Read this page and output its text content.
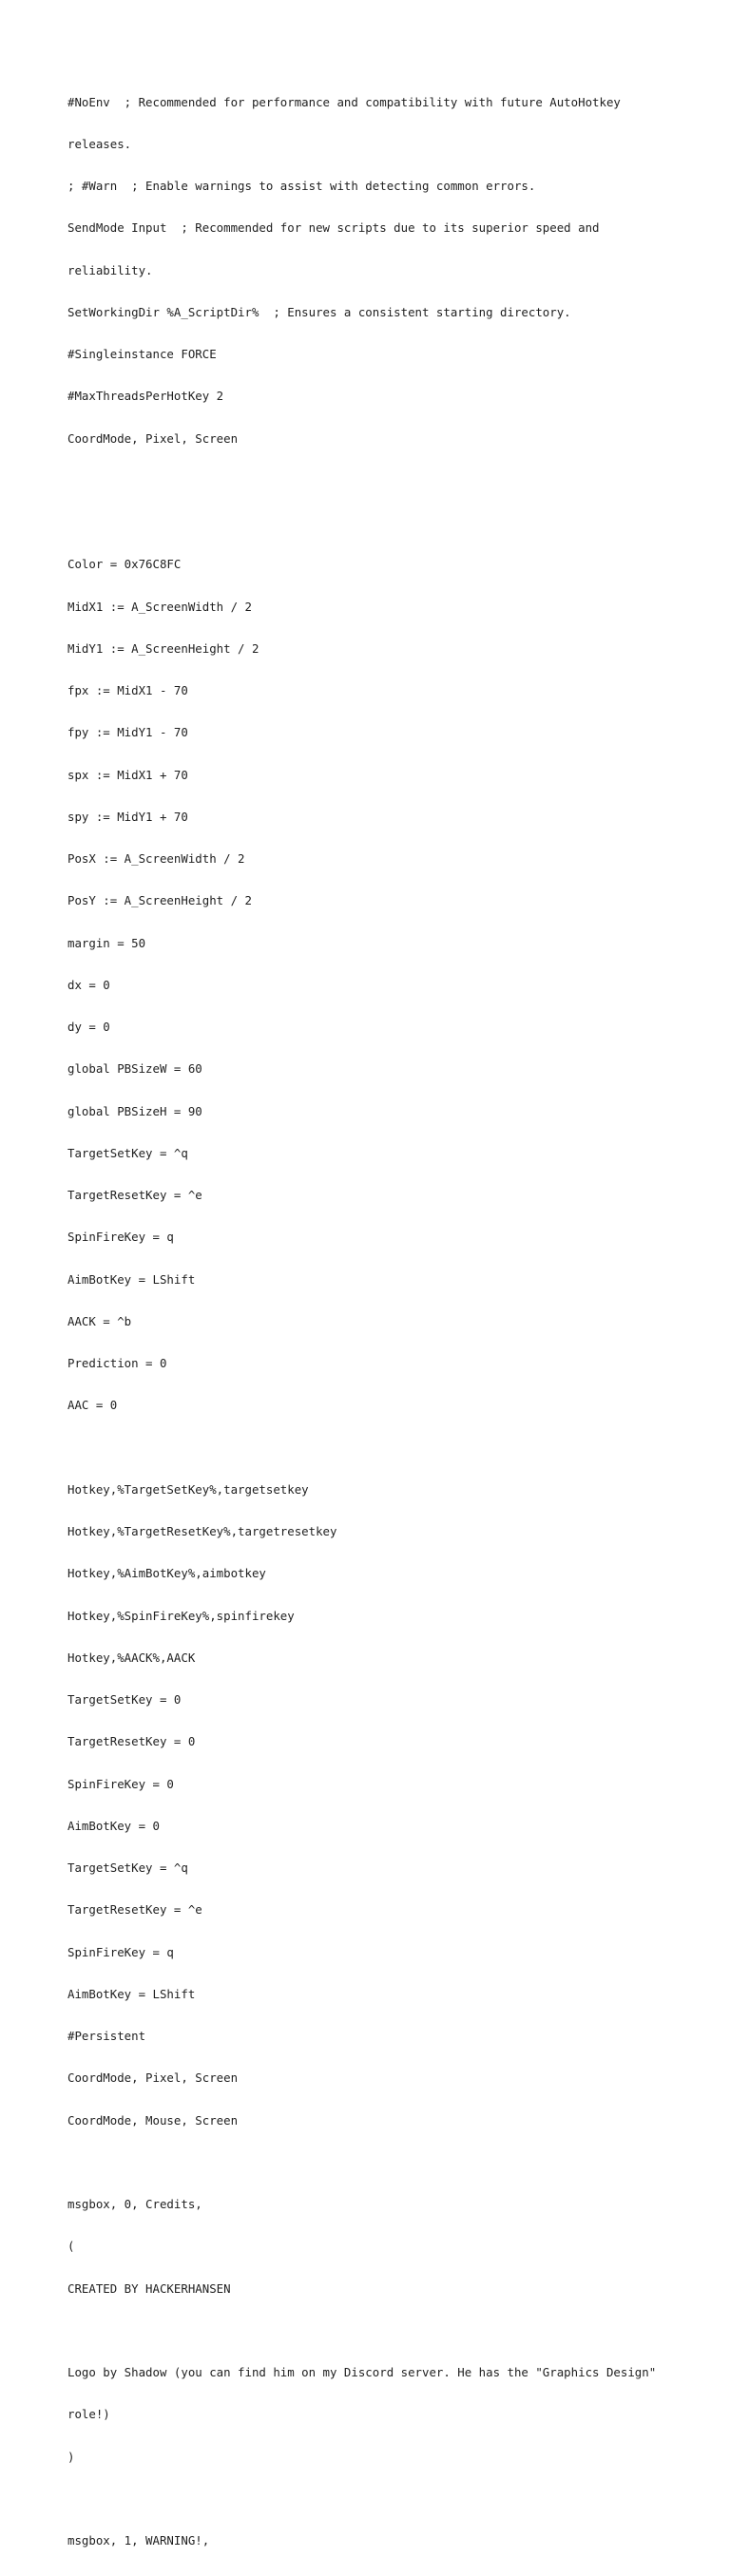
#NoEnv  ; Recommended for performance and compatibility with future AutoHotkey

releases.

; #Warn  ; Enable warnings to assist with detecting common errors.

SendMode Input  ; Recommended for new scripts due to its superior speed and

reliability.

SetWorkingDir %A_ScriptDir%  ; Ensures a consistent starting directory.

#Singleinstance FORCE

#MaxThreadsPerHotKey 2

CoordMode, Pixel, Screen

Color = 0x76C8FC

MidX1 := A_ScreenWidth / 2

MidY1 := A_ScreenHeight / 2

fpx := MidX1 - 70

fpy := MidY1 - 70

spx := MidX1 + 70

spy := MidY1 + 70

PosX := A_ScreenWidth / 2

PosY := A_ScreenHeight / 2

margin = 50

dx = 0

dy = 0

global PBSizeW = 60

global PBSizeH = 90

TargetSetKey = ^q

TargetResetKey = ^e

SpinFireKey = q

AimBotKey = LShift

AACK = ^b

Prediction = 0

AAC = 0

Hotkey,%TargetSetKey%,targetsetkey

Hotkey,%TargetResetKey%,targetresetkey

Hotkey,%AimBotKey%,aimbotkey

Hotkey,%SpinFireKey%,spinfirekey

Hotkey,%AACK%,AACK

TargetSetKey = 0

TargetResetKey = 0

SpinFireKey = 0

AimBotKey = 0

TargetSetKey = ^q

TargetResetKey = ^e

SpinFireKey = q

AimBotKey = LShift

#Persistent

CoordMode, Pixel, Screen

CoordMode, Mouse, Screen

msgbox, 0, Credits,

(

CREATED BY HACKERHANSEN

Logo by Shadow (you can find him on my Discord server. He has the "Graphics Design"

role!)

)

msgbox, 1, WARNING!,
